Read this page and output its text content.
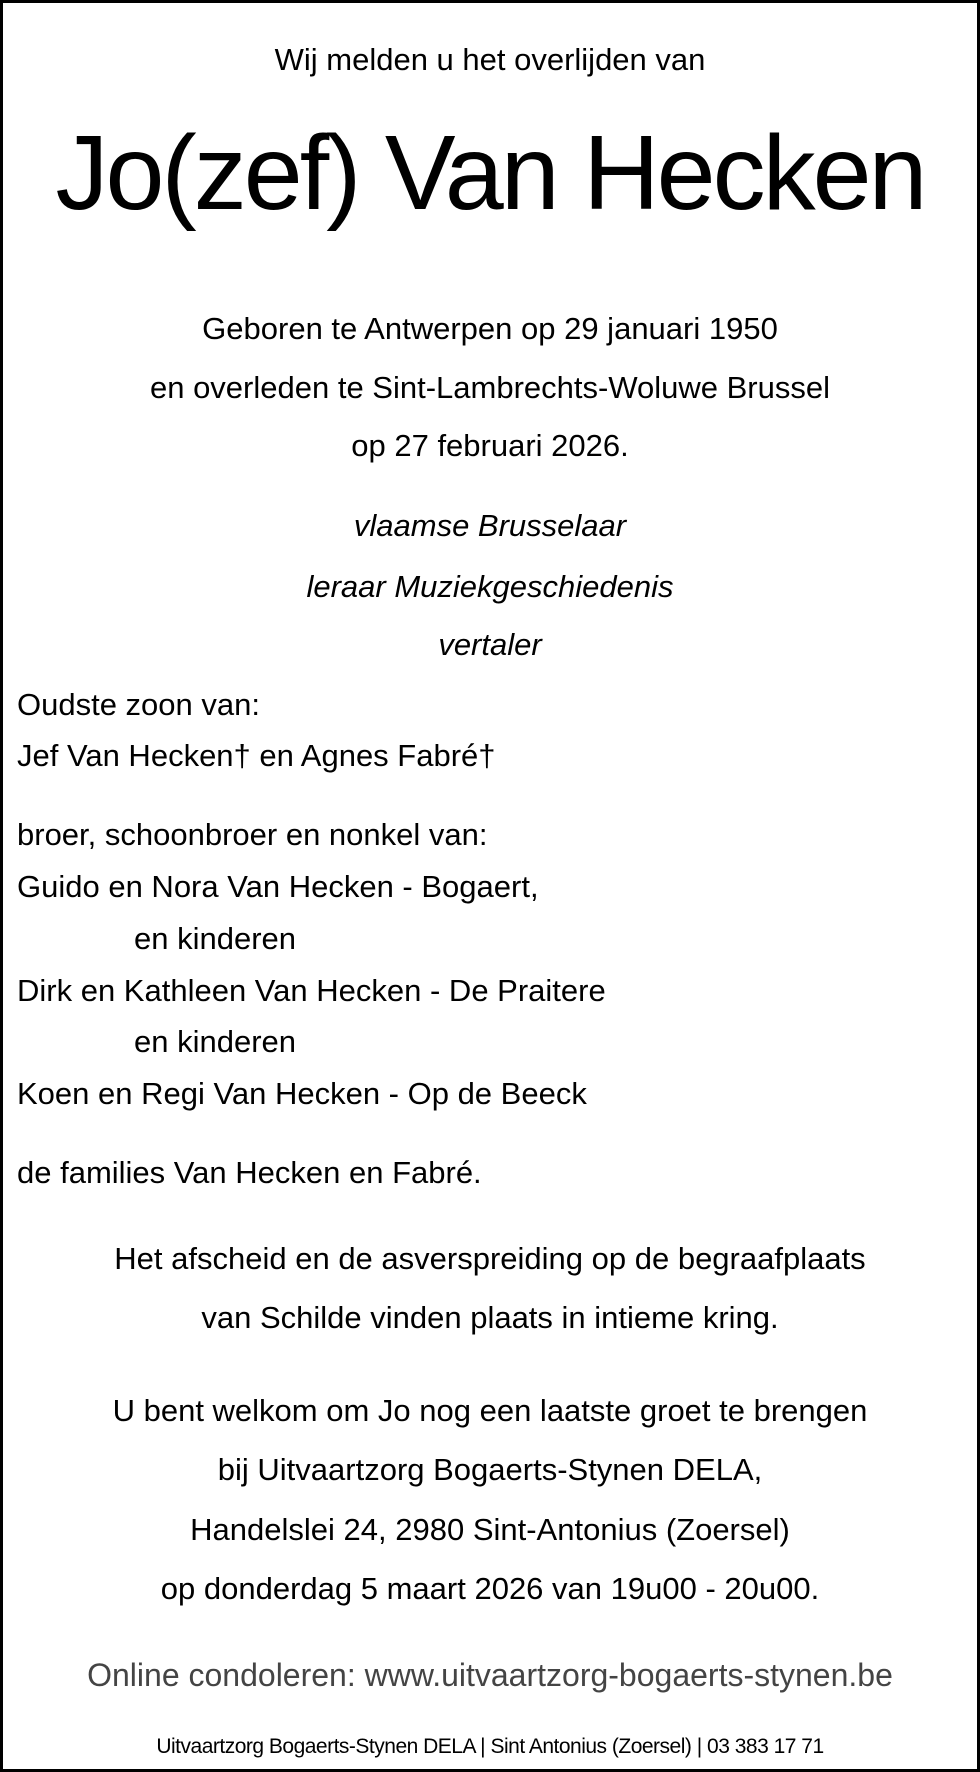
Wij melden u het overlijden van
Jo(zef) Van Hecken
Geboren te Antwerpen op 29 januari 1950
en overleden te Sint-Lambrechts-Woluwe Brussel
op 27 februari 2026.
vlaamse Brusselaar
leraar Muziekgeschiedenis
vertaler
Oudste zoon van:
Jef Van Hecken† en Agnes Fabré†
broer, schoonbroer en nonkel van:
Guido en Nora Van Hecken - Bogaert,
en kinderen
Dirk en Kathleen Van Hecken - De Praitere
en kinderen
Koen en Regi Van Hecken - Op de Beeck
de families Van Hecken en Fabré.
Het afscheid en de asverspreiding op de begraafplaats
van Schilde vinden plaats in intieme kring.
U bent welkom om Jo nog een laatste groet te brengen
bij Uitvaartzorg Bogaerts-Stynen DELA,
Handelslei 24, 2980 Sint-Antonius (Zoersel)
op donderdag 5 maart 2026 van 19u00 - 20u00.
Online condoleren: www.uitvaartzorg-bogaerts-stynen.be
Uitvaartzorg Bogaerts-Stynen DELA | Sint Antonius (Zoersel) | 03 383 17 71
